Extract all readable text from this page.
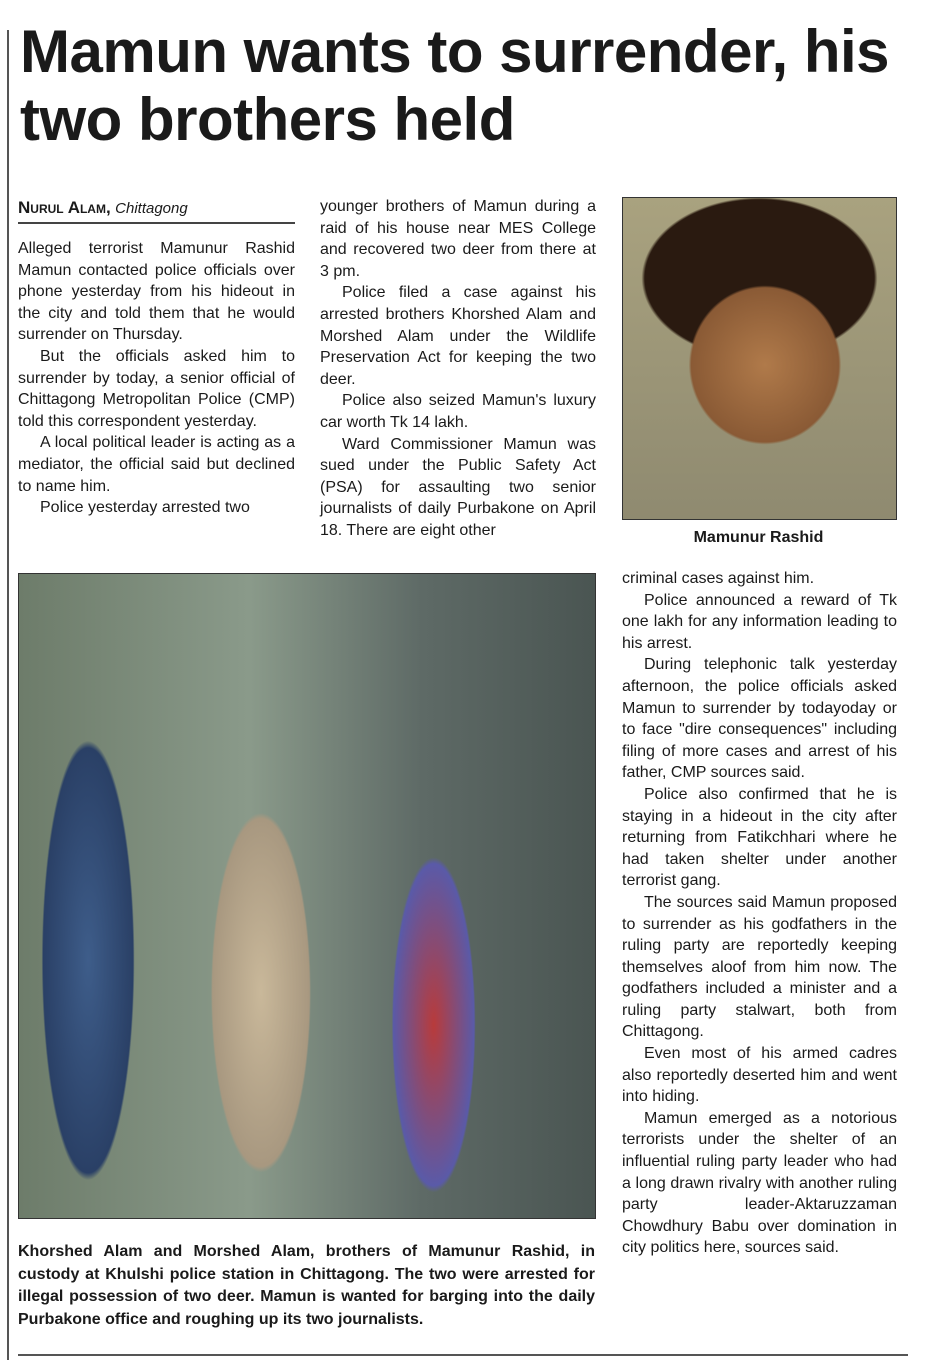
Mamun wants to surrender, his two brothers held
Nurul Alam, Chittagong

Alleged terrorist Mamunur Rashid Mamun contacted police officials over phone yesterday from his hideout in the city and told them that he would surrender on Thursday.

But the officials asked him to surrender by today, a senior official of Chittagong Metropolitan Police (CMP) told this correspondent yesterday.

A local political leader is acting as a mediator, the official said but declined to name him.

Police yesterday arrested two

younger brothers of Mamun during a raid of his house near MES College and recovered two deer from there at 3 pm.

Police filed a case against his arrested brothers Khorshed Alam and Morshed Alam under the Wildlife Preservation Act for keeping the two deer.

Police also seized Mamun's luxury car worth Tk 14 lakh.

Ward Commissioner Mamun was sued under the Public Safety Act (PSA) for assaulting two senior journalists of daily Purbakone on April 18. There are eight other	Mamunur Rashid
Khorshed Alam and Morshed Alam, brothers of Mamunur Rashid, in custody at Khulshi police station in Chittagong. The two were arrested for illegal possession of two deer. Mamun is wanted for barging into the daily Purbakone office and roughing up its two journalists.

criminal cases against him.

Police announced a reward of Tk one lakh for any information leading to his arrest.

During telephonic talk yesterday afternoon, the police officials asked Mamun to surrender by todayoday or to face "dire consequences" including filing of more cases and arrest of his father, CMP sources said.

Police also confirmed that he is staying in a hideout in the city after returning from Fatikchhari where he had taken shelter under another terrorist gang.

The sources said Mamun proposed to surrender as his godfathers in the ruling party are reportedly keeping themselves aloof from him now. The godfathers included a minister and a ruling party stalwart, both from Chittagong.

Even most of his armed cadres also reportedly deserted him and went into hiding.

Mamun emerged as a notorious terrorists under the shelter of an influential ruling party leader who had a long drawn rivalry with another ruling party leader-Aktaruzzaman Chowdhury Babu over domination in city politics here, sources said.
